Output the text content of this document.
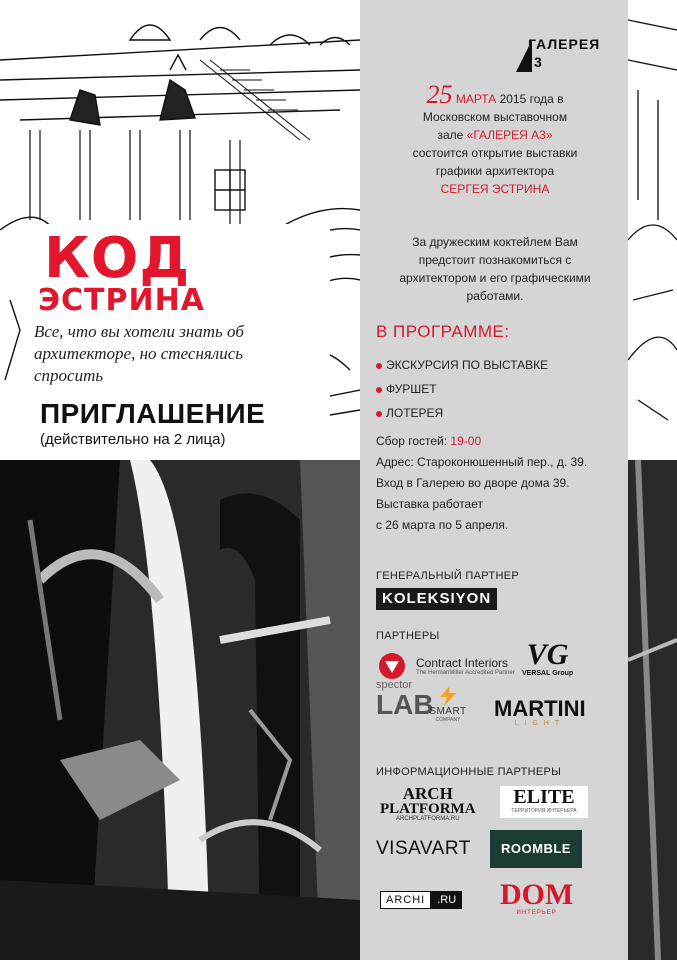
КОД
ЭСТРИНА
Все, что вы хотели знать об архитекторе, но стеснялись спросить
ПРИГЛАШЕНИЕ
(действительно на 2 лица)
ГАЛЕРЕЯ
3
25 МАРТА 2015 года в
Московском выставочном
зале «ГАЛЕРЕЯ А3»
состоится открытие выставки
графики архитектора
СЕРГЕЯ ЭСТРИНА
За дружеским коктейлем Вам
предстоит познакомиться с
архитектором и его графическими
работами.
В ПРОГРАММЕ:
ЭКСКУРСИЯ ПО ВЫСТАВКЕ
ФУРШЕТ
ЛОТЕРЕЯ
Сбор гостей: 19-00
Адрес: Староконюшенный пер., д. 39.
Вход в Галерею во дворе дома 39.
Выставка работает
с 26 марта по 5 апреля.
ГЕНЕРАЛЬНЫЙ ПАРТНЕР
KOLEKSIYON
ПАРТНЕРЫ
Contract Interiors
The HermanMiller Accredited Partner
VG
VERSAL Group
spector
LAB
SMART
COMPANY	MARTINI
LIGHT
ИНФОРМАЦИОННЫЕ ПАРТНЕРЫ
ARCH
PLATFORMA
ARCHPLATFORMA.RU
ELITE
ТЕРРИТОРИЯ ИНТЕРЬЕРА
VISAVART	ROOMBLE
ARCHI	.RU DOM
ИНТЕРЬЕР
